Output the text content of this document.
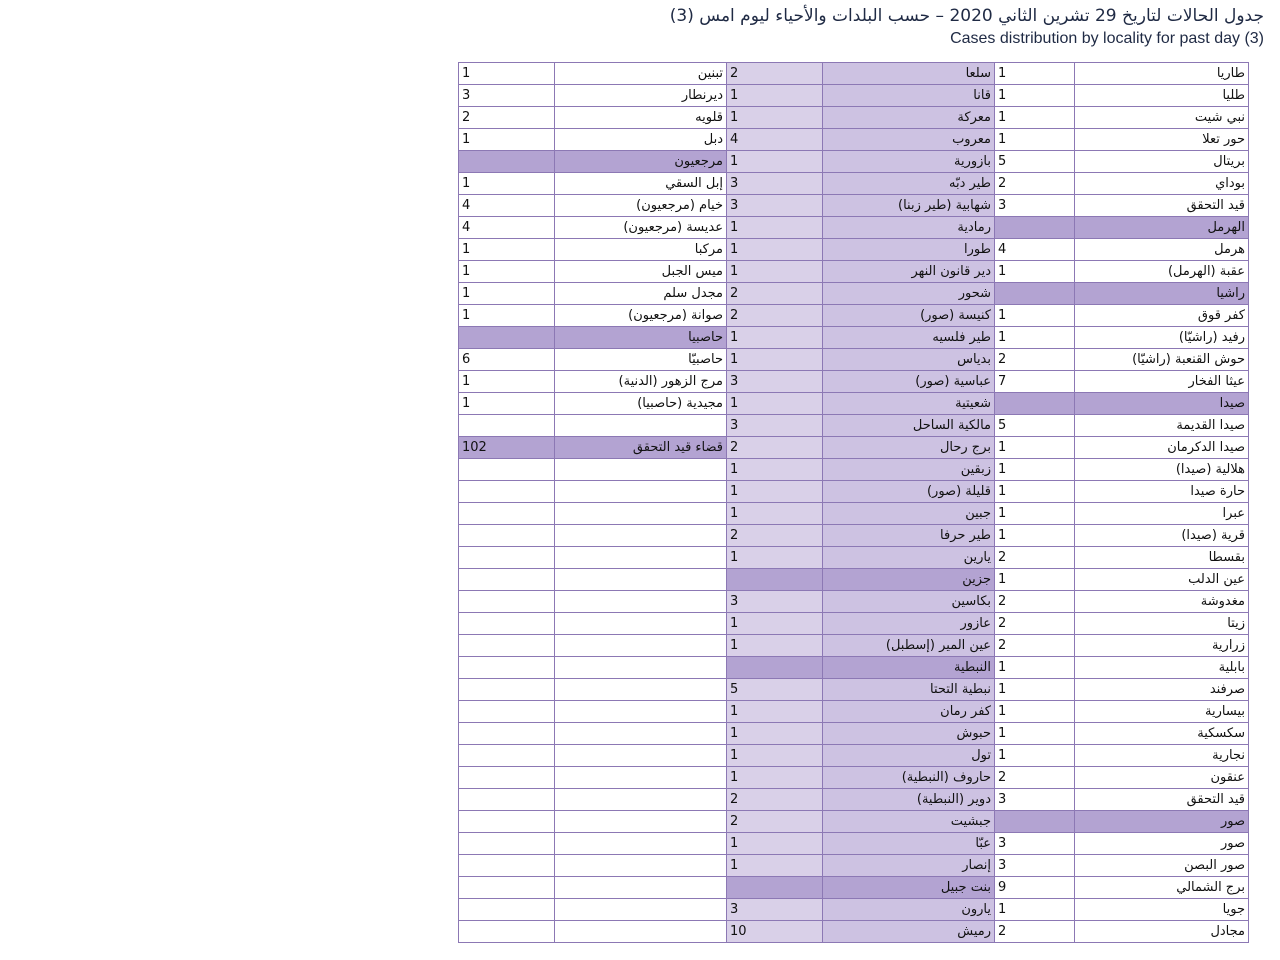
جدول الحالات لتاريخ 29 تشرين الثاني 2020 – حسب البلدات والأحياء ليوم امس (3)
Cases distribution by locality for past day (3)
1	تبنين	2	سلعا	1	طاريا
3	ديرنطار	1	قانا	1	طليا
2	قلويه	1	معركة	1	نبي شيت
1	دبل	4	معروب	1	حور تعلا
	مرجعيون	1	بازورية	5	بريتال
1	إبل السقي	3	طير دبّه	2	بوداي
4	خيام (مرجعيون)	3	شهابية (طير زبنا)	3	قيد التحقق
4	عديسة (مرجعيون)	1	رمادية		الهرمل
1	مركبا	1	طورا	4	هرمل
1	ميس الجبل	1	دير قانون النهر	1	عقبة (الهرمل)
1	مجدل سلم	2	شحور		راشيا
1	صوانة (مرجعيون)	2	كنيسة (صور)	1	كفر قوق
	حاصبيا	1	طير فلسيه	1	رفيد (راشيّا)
6	حاصبيّا	1	بدياس	2	حوش القنعبة (راشيّا)
1	مرج الزهور (الدنية)	3	عباسية (صور)	7	عيثا الفخار
1	مجيدية (حاصبيا)	1	شعيتية		صيدا
		3	مالكية الساحل	5	صيدا القديمة
102	قضاء قيد التحقق	2	برج رحال	1	صيدا الدكرمان
		1	زبقين	1	هلالية (صيدا)
		1	قليلة (صور)	1	حارة صيدا
		1	جبين	1	عبرا
		2	طير حرفا	1	قرية (صيدا)
		1	يارين	2	بقسطا
			جزين	1	عين الدلب
		3	بكاسين	2	مغدوشة
		1	عازور	2	زيتا
		1	عين المير (إسطبل)	2	زرارية
			النبطية	1	بابلية
		5	نبطية التحتا	1	صرفند
		1	كفر رمان	1	بيسارية
		1	حبوش	1	سكسكية
		1	تول	1	نجارية
		1	حاروف (النبطية)	2	عنقون
		2	دوير (النبطية)	3	قيد التحقق
		2	جبشيت		صور
		1	عبّا	3	صور
		1	إنصار	3	صور البصن
			بنت جبيل	9	برج الشمالي
		3	يارون	1	جويا
		10	رميش	2	مجادل
